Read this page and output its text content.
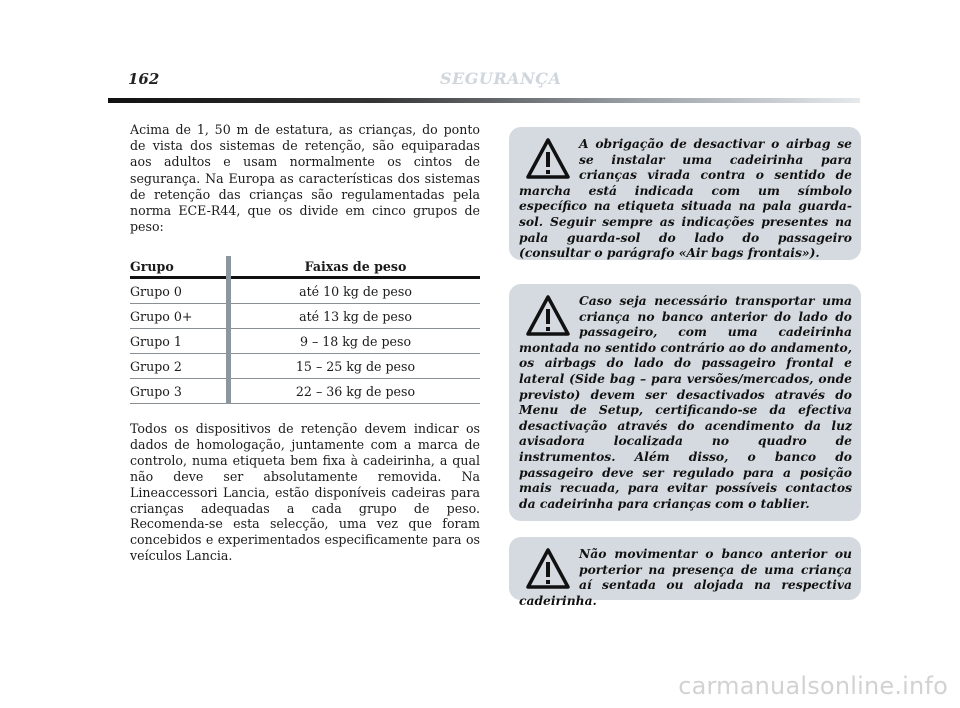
162	SEGURANÇA

Acima de 1, 50 m de estatura, as crianças, do ponto de vista dos sistemas de retenção, são equiparadas aos adultos e usam normalmente os cintos de segurança. Na Europa as características dos sistemas de retenção das crianças são regulamentadas pela norma ECE-R44, que os divide em cinco grupos de peso:

Grupo		Faixas de peso
Grupo 0		até 10 kg de peso
Grupo 0+		até 13 kg de peso
Grupo 1		9 – 18 kg de peso
Grupo 2		15 – 25 kg de peso
Grupo 3		22 – 36 kg de peso
Todos os dispositivos de retenção devem indicar os dados de homologação, juntamente com a marca de controlo, numa etiqueta bem fixa à cadeirinha, a qual não deve ser absolutamente removida. Na Lineaccessori Lancia, estão disponíveis cadeiras para crianças adequadas a cada grupo de peso. Recomenda-se esta selecção, uma vez que foram concebidos e experimentados especificamente para os veículos Lancia.

A obrigação de desactivar o airbag se se instalar uma cadeirinha para crianças virada contra o sentido de marcha está indicada com um símbolo específico na etiqueta situada na pala guarda-sol. Seguir sempre as indicações presentes na pala guarda-sol do lado do passageiro (consultar o parágrafo «Air bags frontais»).

Caso seja necessário transportar uma criança no banco anterior do lado do passageiro, com uma cadeirinha montada no sentido contrário ao do andamento, os airbags do lado do passageiro frontal e lateral (Side bag – para versões/mercados, onde previsto) devem ser desactivados através do Menu de Setup, certificando-se da efectiva desactivação através do acendimento da luz avisadora localizada no quadro de instrumentos. Além disso, o banco do passageiro deve ser regulado para a posição mais recuada, para evitar possíveis contactos da cadeirinha para crianças com o tablier.

Não movimentar o banco anterior ou porterior na presença de uma criança aí sentada ou alojada na respectiva cadeirinha.

carmanualsonline.info
